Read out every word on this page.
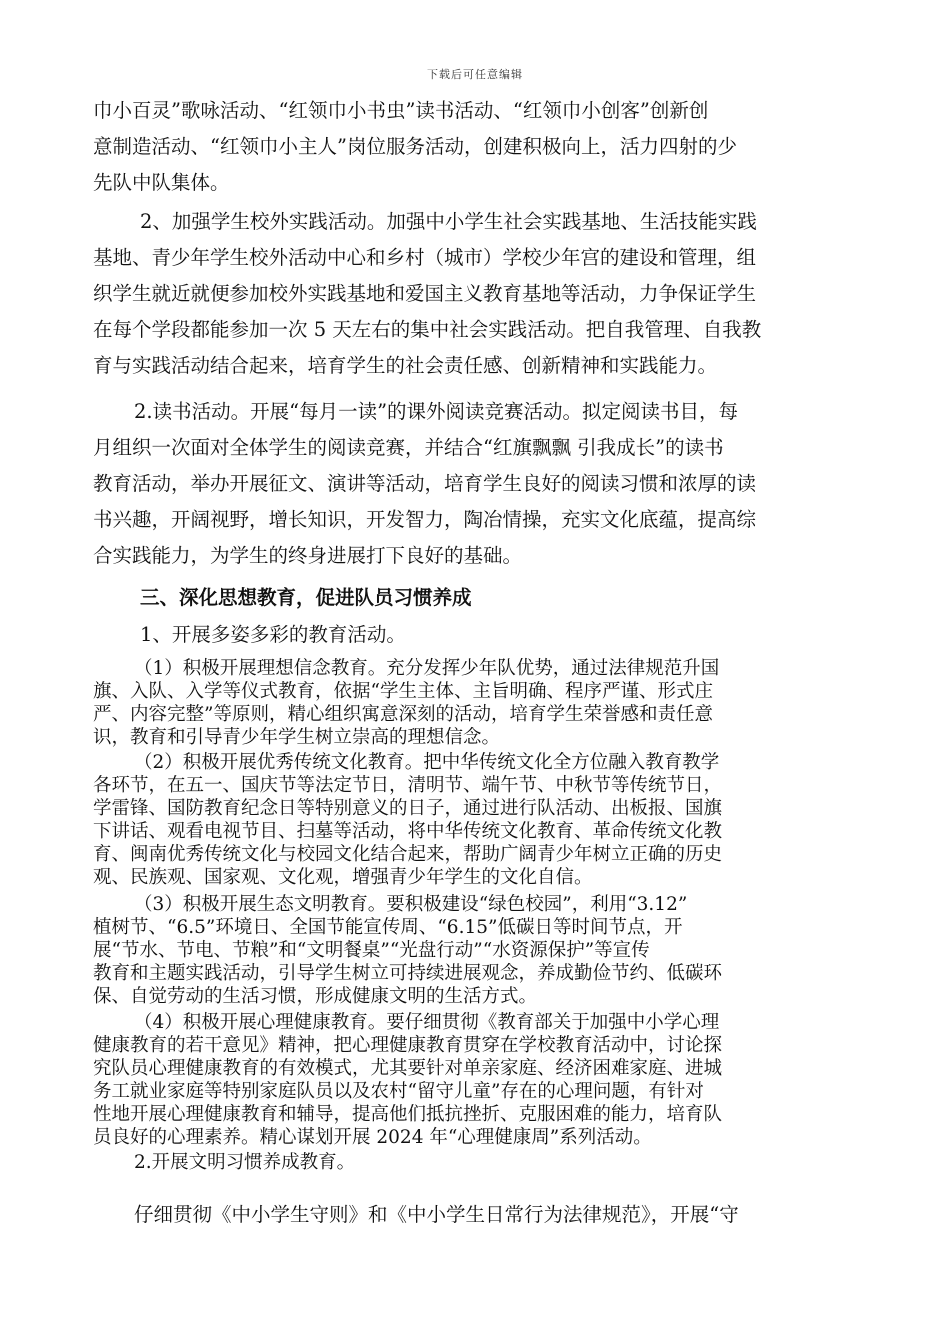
下载后可任意编辑

巾小百灵”歌咏活动、“红领巾小书虫”读书活动、“红领巾小创客”创新创

意制造活动、“红领巾小主人”岗位服务活动，创建积极向上，活力四射的少

先队中队集体。

2、加强学生校外实践活动。加强中小学生社会实践基地、生活技能实践

基地、青少年学生校外活动中心和乡村（城市）学校少年宫的建设和管理，组

织学生就近就便参加校外实践基地和爱国主义教育基地等活动，力争保证学生

在每个学段都能参加一次 5 天左右的集中社会实践活动。把自我管理、自我教

育与实践活动结合起来，培育学生的社会责任感、创新精神和实践能力。

2.读书活动。开展“每月一读”的课外阅读竞赛活动。拟定阅读书目，每

月组织一次面对全体学生的阅读竞赛，并结合“红旗飘飘 引我成长”的读书

教育活动，举办开展征文、演讲等活动，培育学生良好的阅读习惯和浓厚的读

书兴趣，开阔视野，增长知识，开发智力，陶冶情操，充实文化底蕴，提高综

合实践能力，为学生的终身进展打下良好的基础。

三、深化思想教育，促进队员习惯养成

1、开展多姿多彩的教育活动。

（1）积极开展理想信念教育。充分发挥少年队优势，通过法律规范升国

旗、入队、入学等仪式教育，依据“学生主体、主旨明确、程序严谨、形式庄

严、内容完整”等原则，精心组织寓意深刻的活动，培育学生荣誉感和责任意

识，教育和引导青少年学生树立崇高的理想信念。

（2）积极开展优秀传统文化教育。把中华传统文化全方位融入教育教学

各环节，在五一、国庆节等法定节日，清明节、端午节、中秋节等传统节日，

学雷锋、国防教育纪念日等特别意义的日子，通过进行队活动、出板报、国旗

下讲话、观看电视节目、扫墓等活动，将中华传统文化教育、革命传统文化教

育、闽南优秀传统文化与校园文化结合起来，帮助广阔青少年树立正确的历史

观、民族观、国家观、文化观，增强青少年学生的文化自信。

（3）积极开展生态文明教育。要积极建设“绿色校园”，利用“3.12”

植树节、“6.5”环境日、全国节能宣传周、“6.15”低碳日等时间节点，开

展“节水、节电、节粮”和“文明餐桌”“光盘行动”“水资源保护”等宣传

教育和主题实践活动，引导学生树立可持续进展观念，养成勤俭节约、低碳环

保、自觉劳动的生活习惯，形成健康文明的生活方式。

（4）积极开展心理健康教育。要仔细贯彻《教育部关于加强中小学心理

健康教育的若干意见》精神，把心理健康教育贯穿在学校教育活动中，讨论探

究队员心理健康教育的有效模式，尤其要针对单亲家庭、经济困难家庭、进城

务工就业家庭等特别家庭队员以及农村“留守儿童”存在的心理问题，有针对

性地开展心理健康教育和辅导，提高他们抵抗挫折、克服困难的能力，培育队

员良好的心理素养。精心谋划开展 2024 年“心理健康周”系列活动。

2.开展文明习惯养成教育。

仔细贯彻《中小学生守则》和《中小学生日常行为法律规范》，开展“守
